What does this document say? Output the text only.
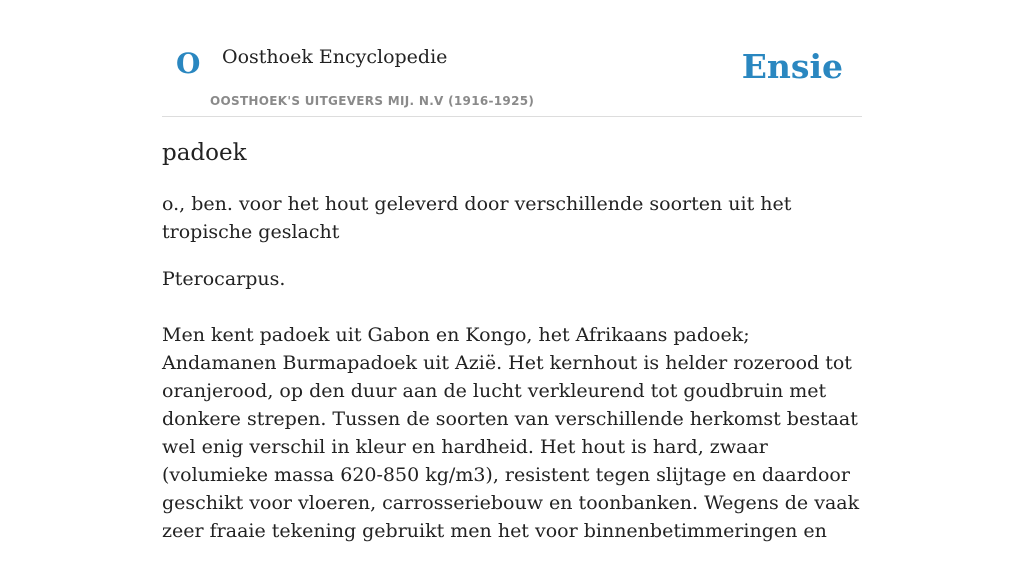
O Oosthoek Encyclopedie
OOSTHOEK'S UITGEVERS MIJ. N.V (1916-1925)
Ensie
padoek

o., ben. voor het hout geleverd door verschillende soorten uit het tropische geslacht

Pterocarpus.

Men kent padoek uit Gabon en Kongo, het Afrikaans padoek; Andamanen Burmapadoek uit Azië. Het kernhout is helder rozerood tot oranjerood, op den duur aan de lucht verkleurend tot goudbruin met donkere strepen. Tussen de soorten van verschillende herkomst bestaat wel enig verschil in kleur en hardheid. Het hout is hard, zwaar (volumieke massa 620-850 kg/m3), resistent tegen slijtage en daardoor geschikt voor vloeren, carrosseriebouw en toonbanken. Wegens de vaak zeer fraaie tekening gebruikt men het voor binnenbetimmeringen en
